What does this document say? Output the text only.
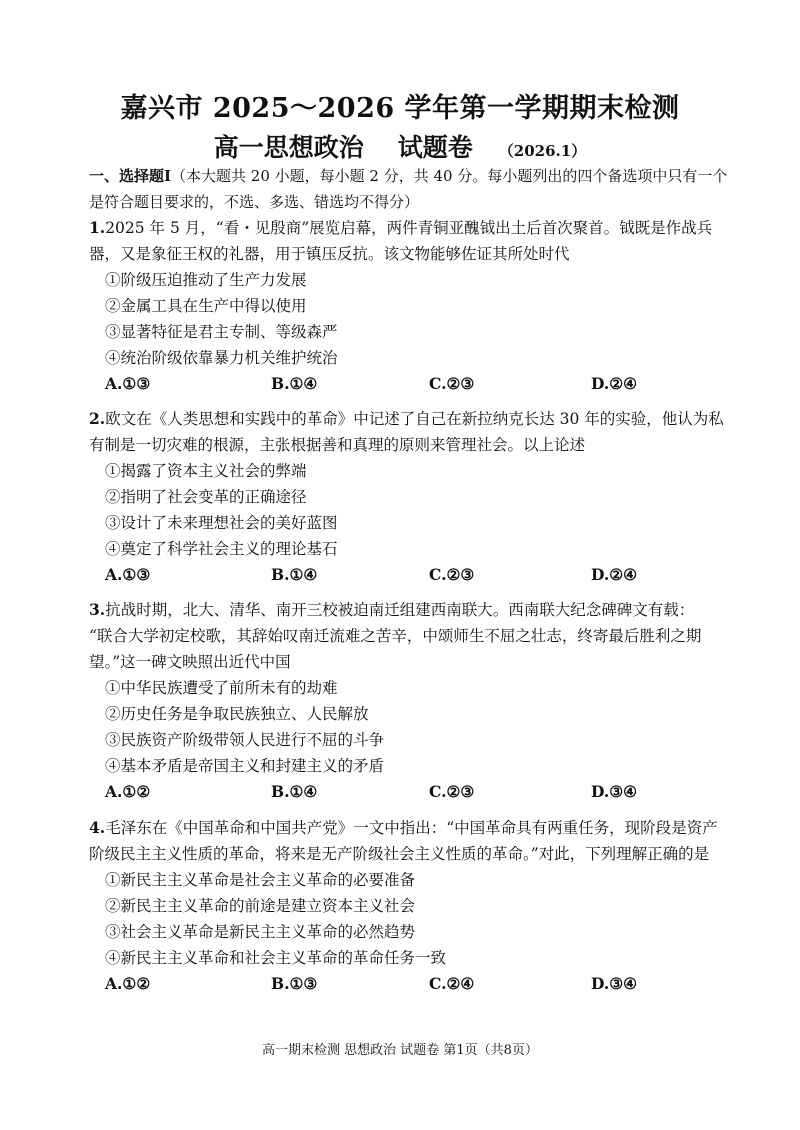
嘉兴市 2025～2026 学年第一学期期末检测
高一思想政治 试题卷 （2026.1）
一、选择题Ⅰ（本大题共 20 小题，每小题 2 分，共 40 分。每小题列出的四个备选项中只有一个是符合题目要求的，不选、多选、错选均不得分）

1.2025 年 5 月，“看・见殷商”展览启幕，两件青铜亚醜钺出土后首次聚首。钺既是作战兵器，又是象征王权的礼器，用于镇压反抗。该文物能够佐证其所处时代

①阶级压迫推动了生产力发展

②金属工具在生产中得以使用

③显著特征是君主专制、等级森严

④统治阶级依靠暴力机关维护统治

A.①③	B.①④	C.②③	D.②④

2.欧文在《人类思想和实践中的革命》中记述了自己在新拉纳克长达 30 年的实验，他认为私有制是一切灾难的根源，主张根据善和真理的原则来管理社会。以上论述

①揭露了资本主义社会的弊端

②指明了社会变革的正确途径

③设计了未来理想社会的美好蓝图

④奠定了科学社会主义的理论基石

A.①③	B.①④	C.②③	D.②④

3.抗战时期，北大、清华、南开三校被迫南迁组建西南联大。西南联大纪念碑碑文有载：

“联合大学初定校歌，其辞始叹南迁流难之苦辛，中颂师生不屈之壮志，终寄最后胜利之期望。”这一碑文映照出近代中国

①中华民族遭受了前所未有的劫难

②历史任务是争取民族独立、人民解放

③民族资产阶级带领人民进行不屈的斗争

④基本矛盾是帝国主义和封建主义的矛盾

A.①②	B.①④	C.②③	D.③④

4.毛泽东在《中国革命和中国共产党》一文中指出：“中国革命具有两重任务，现阶段是资产阶级民主主义性质的革命，将来是无产阶级社会主义性质的革命。”对此，下列理解正确的是

①新民主主义革命是社会主义革命的必要准备

②新民主主义革命的前途是建立资本主义社会

③社会主义革命是新民主主义革命的必然趋势

④新民主主义革命和社会主义革命的革命任务一致

A.①②	B.①③	C.②④	D.③④
高一期末检测 思想政治 试题卷 第1页（共8页）
